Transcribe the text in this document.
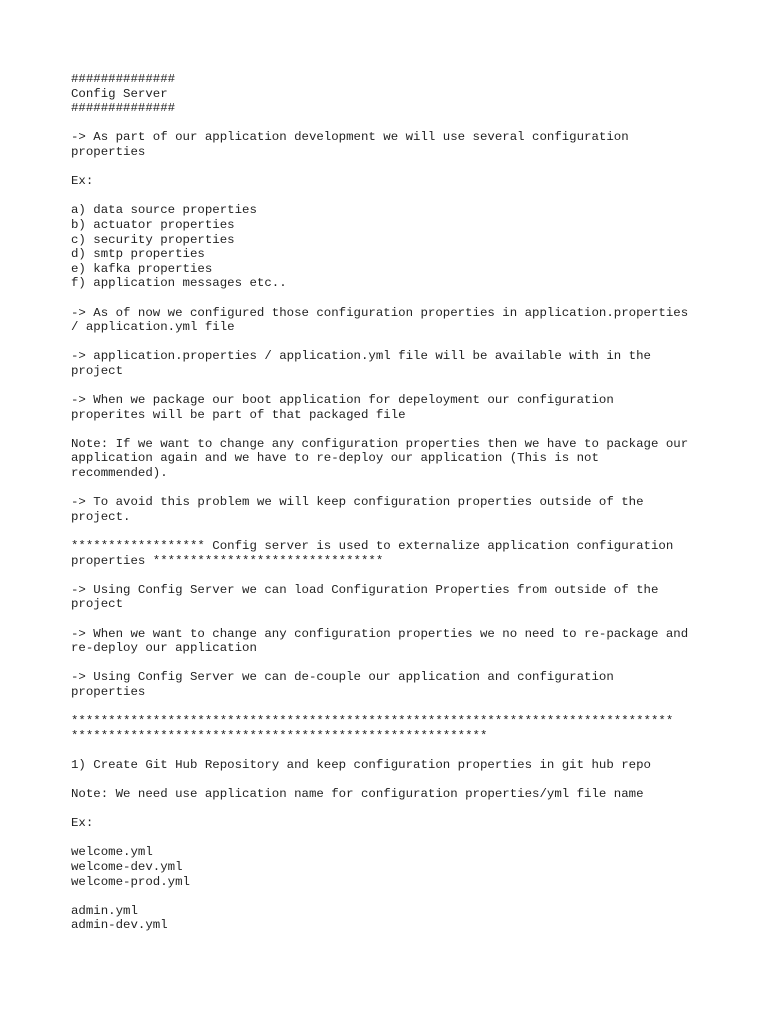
##############
Config Server
##############
-> As part of our application development we will use several configuration
properties
Ex:
a) data source properties
b) actuator properties
c) security properties
d) smtp properties
e) kafka properties
f) application messages etc..
-> As of now we configured those configuration properties in application.properties
/ application.yml file
-> application.properties / application.yml file will be available with in the
project
-> When we package our boot application for depeloyment our configuration
properites will be part of that packaged file
Note: If we want to change any configuration properties then we have to package our
application again and we have to re-deploy our application (This is not
recommended).
-> To avoid this problem we will keep configuration properties outside of the
project.
****************** Config server is used to externalize application configuration
properties *******************************
-> Using Config Server we can load Configuration Properties from outside of the
project
-> When we want to change any configuration properties we no need to re-package and
re-deploy our application
-> Using Config Server we can de-couple our application and configuration
properties
*********************************************************************************
********************************************************
1) Create Git Hub Repository and keep configuration properties in git hub repo
Note: We need use application name for configuration properties/yml file name
Ex:
welcome.yml
welcome-dev.yml
welcome-prod.yml
admin.yml
admin-dev.yml
